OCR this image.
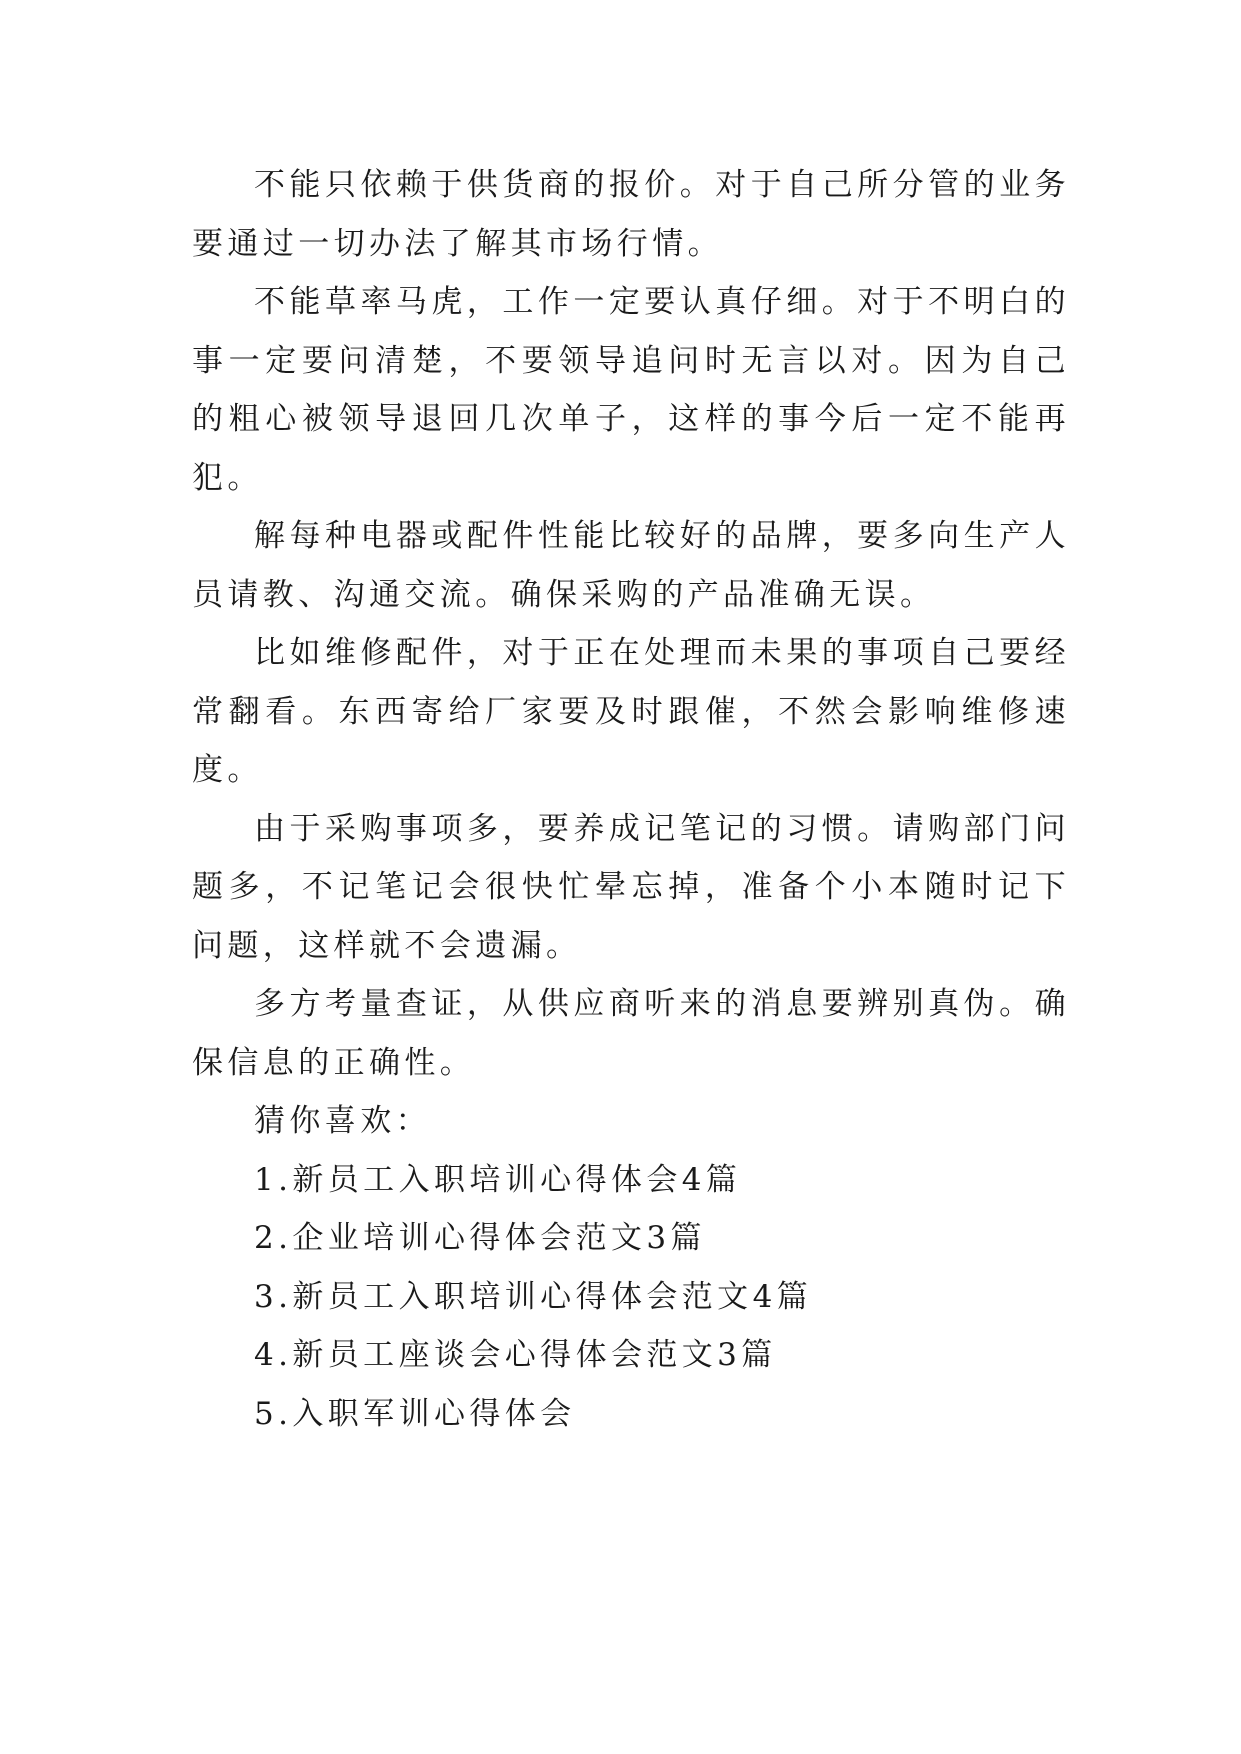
不能只依赖于供货商的报价。对于自己所分管的业务要通过一切办法了解其市场行情。

不能草率马虎，工作一定要认真仔细。对于不明白的事一定要问清楚，不要领导追问时无言以对。因为自己的粗心被领导退回几次单子，这样的事今后一定不能再犯。

解每种电器或配件性能比较好的品牌，要多向生产人员请教、沟通交流。确保采购的产品准确无误。

比如维修配件，对于正在处理而未果的事项自己要经常翻看。东西寄给厂家要及时跟催，不然会影响维修速度。

由于采购事项多，要养成记笔记的习惯。请购部门问题多，不记笔记会很快忙晕忘掉，准备个小本随时记下问题，这样就不会遗漏。

多方考量查证，从供应商听来的消息要辨别真伪。确保信息的正确性。

猜你喜欢：

1.新员工入职培训心得体会4篇

2.企业培训心得体会范文3篇

3.新员工入职培训心得体会范文4篇

4.新员工座谈会心得体会范文3篇

5.入职军训心得体会
